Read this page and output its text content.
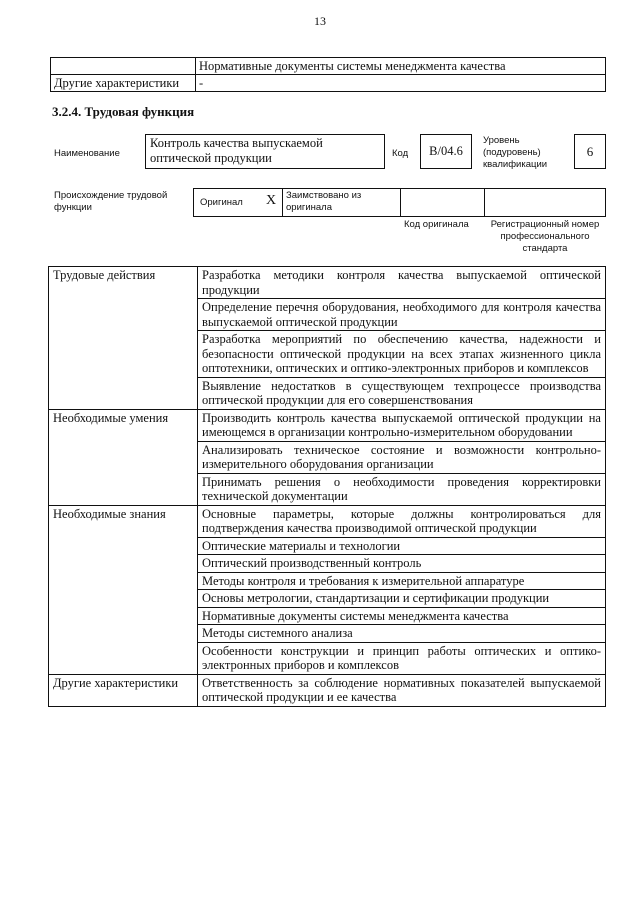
13
	Нормативные документы системы менеджмента качества
Другие характеристики	-
3.2.4. Трудовая функция
Наименование
Контроль качества выпускаемой оптической продукции	Код	B/04.6
Уровень (подуровень) квалификации
6
Происхождение трудовой функции	Оригинал X Заимствовано из оригинала
Код оригинала	Регистрационный номер профессионального стандарта
Трудовые действия	Разработка методики контроля качества выпускаемой оптической продукции
	Определение перечня оборудования, необходимого для контроля качества выпускаемой оптической продукции
	Разработка мероприятий по обеспечению качества, надежности и безопасности оптической продукции на всех этапах жизненного цикла оптотехники, оптических и оптико-электронных приборов и комплексов
	Выявление недостатков в существующем техпроцессе производства оптической продукции для его совершенствования
Необходимые умения	Производить контроль качества выпускаемой оптической продукции на имеющемся в организации контрольно-измерительном оборудовании
	Анализировать техническое состояние и возможности контрольно-измерительного оборудования организации
	Принимать решения о необходимости проведения корректировки технической документации
Необходимые знания	Основные параметры, которые должны контролироваться для подтверждения качества производимой оптической продукции
	Оптические материалы и технологии
	Оптический производственный контроль
	Методы контроля и требования к измерительной аппаратуре
	Основы метрологии, стандартизации и сертификации продукции
	Нормативные документы системы менеджмента качества
	Методы системного анализа
	Особенности конструкции и принцип работы оптических и оптико-электронных приборов и комплексов
Другие характеристики	Ответственность за соблюдение нормативных показателей выпускаемой оптической продукции и ее качества
